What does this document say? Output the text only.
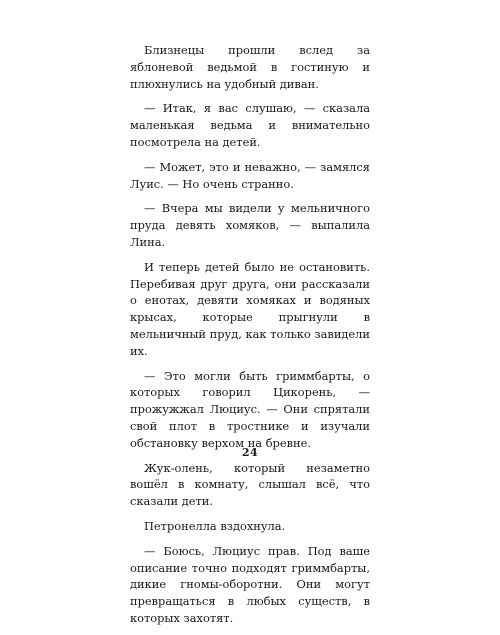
Близнецы прошли вслед за яблоневой ведьмой в гостиную и плюхнулись на удобный диван.

— Итак, я вас слушаю, — сказала маленькая ведьма и внимательно посмотрела на детей.

— Может, это и неважно, — замялся Луис. — Но очень странно.

— Вчера мы видели у мельничного пруда девять хомяков, — выпалила Лина.

И теперь детей было не остановить. Перебивая друг друга, они рассказали о енотах, девяти хомяках и водяных крысах, которые прыгнули в мельничный пруд, как только завидели их.

— Это могли быть гриммбарты, о которых говорил Цикорень, — прожужжал Люциус. — Они спрятали свой плот в тростнике и изучали обстановку верхом на бревне.

Жук-олень, который незаметно вошёл в комнату, слышал всё, что сказали дети.

Петронелла вздохнула.

— Боюсь, Люциус прав. Под ваше описание точно подходят гриммбарты, дикие гномы-оборотни. Они могут превращаться в любых существ, в которых захотят.

24
